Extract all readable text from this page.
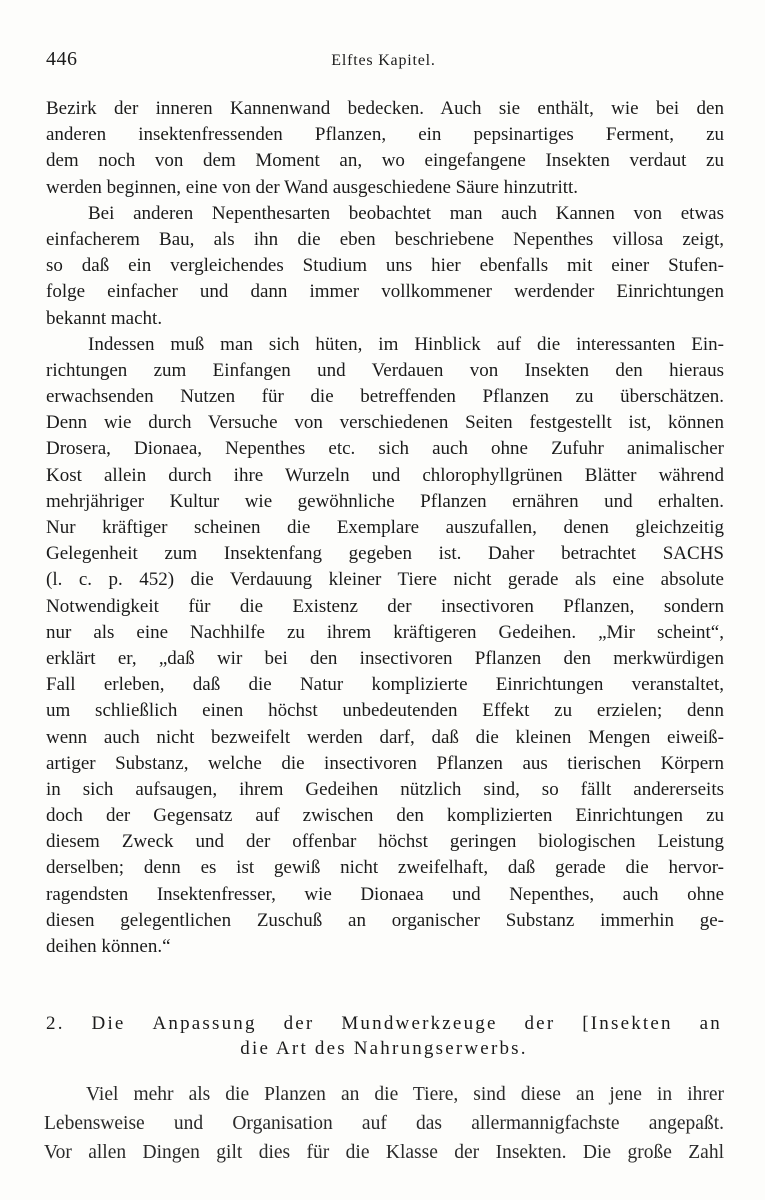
446	Elftes Kapitel.
Bezirk der inneren Kannenwand bedecken. Auch sie enthält, wie bei den
anderen insektenfressenden Pflanzen, ein pepsinartiges Ferment, zu
dem noch von dem Moment an, wo eingefangene Insekten verdaut zu
werden beginnen, eine von der Wand ausgeschiedene Säure hinzutritt.
Bei anderen Nepenthesarten beobachtet man auch Kannen von etwas
einfacherem Bau, als ihn die eben beschriebene Nepenthes villosa zeigt,
so daß ein vergleichendes Studium uns hier ebenfalls mit einer Stufen-
folge einfacher und dann immer vollkommener werdender Einrichtungen
bekannt macht.
Indessen muß man sich hüten, im Hinblick auf die interessanten Ein-
richtungen zum Einfangen und Verdauen von Insekten den hieraus
erwachsenden Nutzen für die betreffenden Pflanzen zu überschätzen.
Denn wie durch Versuche von verschiedenen Seiten festgestellt ist, können
Drosera, Dionaea, Nepenthes etc. sich auch ohne Zufuhr animalischer
Kost allein durch ihre Wurzeln und chlorophyllgrünen Blätter während
mehrjähriger Kultur wie gewöhnliche Pflanzen ernähren und erhalten.
Nur kräftiger scheinen die Exemplare auszufallen, denen gleichzeitig
Gelegenheit zum Insektenfang gegeben ist. Daher betrachtet SACHS
(l. c. p. 452) die Verdauung kleiner Tiere nicht gerade als eine absolute
Notwendigkeit für die Existenz der insectivoren Pflanzen, sondern
nur als eine Nachhilfe zu ihrem kräftigeren Gedeihen. „Mir scheint“,
erklärt er, „daß wir bei den insectivoren Pflanzen den merkwürdigen
Fall erleben, daß die Natur komplizierte Einrichtungen veranstaltet,
um schließlich einen höchst unbedeutenden Effekt zu erzielen; denn
wenn auch nicht bezweifelt werden darf, daß die kleinen Mengen eiweiß-
artiger Substanz, welche die insectivoren Pflanzen aus tierischen Körpern
in sich aufsaugen, ihrem Gedeihen nützlich sind, so fällt andererseits
doch der Gegensatz auf zwischen den komplizierten Einrichtungen zu
diesem Zweck und der offenbar höchst geringen biologischen Leistung
derselben; denn es ist gewiß nicht zweifelhaft, daß gerade die hervor-
ragendsten Insektenfresser, wie Dionaea und Nepenthes, auch ohne
diesen gelegentlichen Zuschuß an organischer Substanz immerhin ge-
deihen können.“
2. Die Anpassung der Mundwerkzeuge der [Insekten an
die Art des Nahrungserwerbs.
Viel mehr als die Planzen an die Tiere, sind diese an jene in ihrer
Lebensweise und Organisation auf das allermannigfachste angepaßt.
Vor allen Dingen gilt dies für die Klasse der Insekten. Die große Zahl
